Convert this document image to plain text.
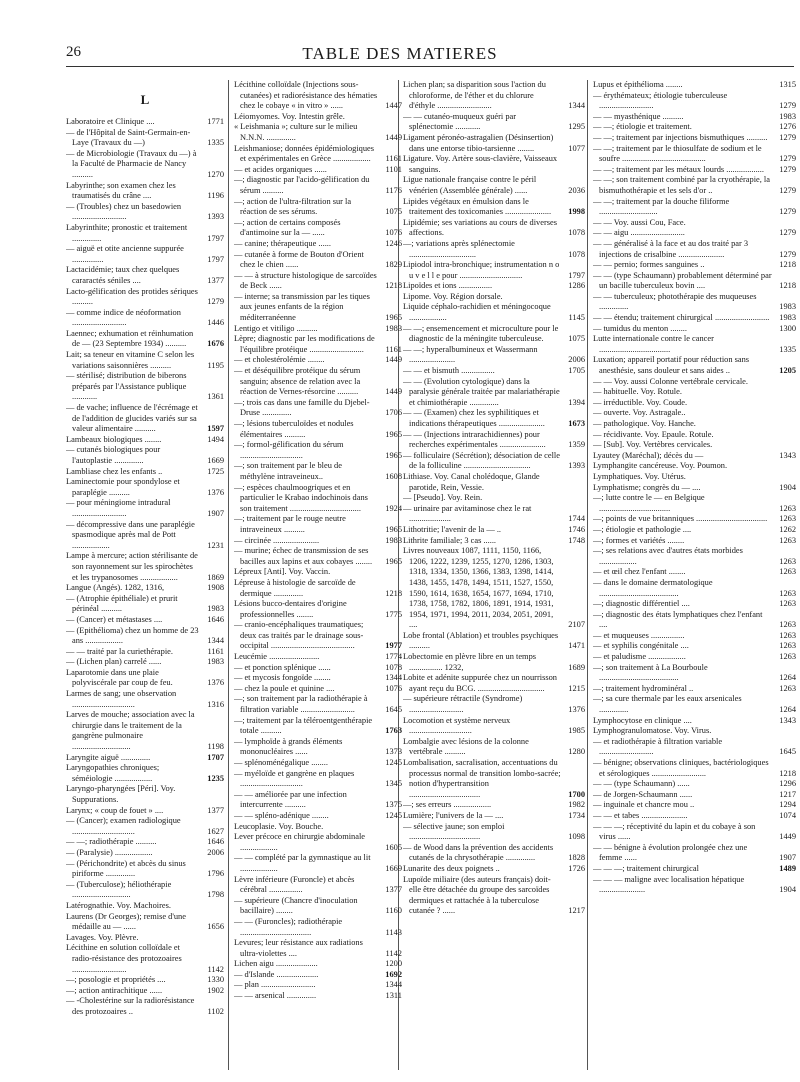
26	TABLE DES MATIERES
L
Laboratoire et Clinique ....	1771
— de l'Hôpital de Saint-Germain-en-Laye (Travaux du —)	1335
— de Microbiologie (Travaux du —) à la Faculté de Pharmacie de Nancy ..........	1270
Labyrinthe; son examen chez les traumatisés du crâne ....	1196
— (Troubles) chez un basedowien ..........................	1393
Labyrinthite; pronostic et traitement ..............	1797
— aiguë et otite ancienne suppurée ...............	1797
Lactacidémie; taux chez quelques cararactés séniles ....	1377
Lacto-gélification des protides sériques ..........	1279
— comme indice de néoformation ..........................	1446
Laennec; exhumation et réinhumation de — (23 Septembre 1934) ..........	1676
Lait; sa teneur en vitamine C selon les variations saisonnières ..........	1195
— stérilisé; distribution de biberons préparés par l'Assistance publique ............	1361
— de vache; influence de l'écrémage et de l'addition de glucides variés sur sa valeur alimentaire ..........	1597
Lambeaux biologiques ........	1494
— cutanés biologiques pour l'autoplastie ..............	1669
Lambliase chez les enfants ..	1725
Laminectomie pour spondylose et paraplégie ..........	1376
— pour méningiome intradural ..........................	1907
— décompressive dans une paraplégie spasmodique après mal de Pott ..................	1231
Lampe à mercure; action stérilisante de son rayonnement sur les spirochètes et les trypanosomes ..................	1869
Langue (Angés). 1282, 1316,	1908
— (Atrophie épithéliale) et prurit périnéal ..........	1983
— (Cancer) et métastases ....	1646
— (Epithélioma) chez un homme de 23 ans ..................	1344
— — traité par la curiethérapie.	1161
— (Lichen plan) carrelé ......	1983
Laparotomie dans une plaie polyviscérale par coup de feu.	1376
Larmes de sang; une observation ..............................	1316
Larves de mouche; association avec la chirurgie dans le traitement de la gangrène pulmonaire ............................	1198
Laryngite aiguë ..............	1707
Laryngopathies chroniques; séméiologie ..................	1235
Laryngo-pharyngées [Péri]. Voy. Suppurations.
Larynx; « coup de fouet » ....	1377
— (Cancer); examen radiologique ..............................	1627
— —; radiothérapie ..........	1646
— (Paralysie) ..................	2006
— (Périchondrite) et abcès du sinus piriforme ..............	1796
— (Tuberculose); héliothérapie ............................	1798
Latérognathie. Voy. Machoires.
Laurens (Dr Georges); remise d'une médaille au — ......	1656
Lavages. Voy. Plèvre.
Lécithine en solution colloïdale et radio-résistance des protozoaires ..........................	1142
—; posologie et propriétés ....	1330
—; action antirachitique ......	1902
— -Cholestérine sur la radiorésistance des protozoaires ..	1102
Lécithine colloïdale (Injections sous-cutanées) et radiorésistance des hématies chez le cobaye « in vitro » ......	1447
Léiomyomes. Voy. Intestin grêle.
« Leishmania »; culture sur le milieu N.N.N. ..............	1449
Leishmaniose; données épidémiologiques et expérimentales en Grèce .................. 1161
— et acides organiques ......	1101
—; diagnostic par l'acido-gélification du sérum ..........	1176
—; action de l'ultra-filtration sur la réaction de ses sérums.	1075
—; action de certains composés d'antimoine sur la — ......	1076
— canine; thérapeutique ......	1246
— cutanée à forme de Bouton d'Orient chez le chien ......	1829
— — à structure histologique de sarcoïdes de Beck ......	1218
— interne; sa transmission par les tiques aux jeunes enfants de la région méditerranéenne	1965
Lentigo et vitiligo ..........	1983
Lèpre; diagnostic par les modifications de l'équilibre protéique ..........................	1161
— et cholestérolémie ........	1449
— et déséquilibre protéique du sérum sanguin; absence de relation avec la réaction de Vernes-résorcine ..........	1449
—; trois cas dans une famille du Djebel-Druse ..............	1706
—; lésions tuberculoïdes et nodules élémentaires ..........	1965
—; formol-gélification du sérum ..............................	1965
—; son traitement par le bleu de méthylène intraveineux..	1608
—; espèces chaulmoogriques et en particulier le Krabao indochinois dans son traitement ..................................	1924
—; traitement par le rouge neutre intraveineux ..........	1965
— circinée ......................	1983
— murine; échec de transmission de ses bacilles aux lapins et aux cobayes ........ 1965
Lépreux [Anti]. Voy. Vaccin.
Lépreuse à histologie de sarcoïde de dermique ..............	1218
Lésions bucco-dentaires d'origine professionnelles ........	1775
— cranio-encéphaliques traumatiques; deux cas traités par le drainage sous-occipital ........................................	1977
Leucémie ........................	1774
— et ponction splénique ......	1078
— et mycosis fongoïde ........	1344
— chez la poule et quinine ....	1076
—; son traitement par la radiothérapie à filtration variable ..........................	1645
—; traitement par la téléroentgenthérapie totale ..........	1763
— lymphoïde à grands éléments mononucléaires ......	1373
— splénoménégalique ........	1245
— myéloïde et gangrène en plaques ..............................	1345
— — améliorée par une infection intercurrente ..........	1375
— — spléno-adénique ........	1245
Leucoplasie. Voy. Bouche.
Lever précoce en chirurgie abdominale ..................	1605
— — complété par la gymnastique au lit ..................	1669
Lèvre inférieure (Furoncle) et abcès cérébral ................	1377
— supérieure (Chancre d'inoculation bacillaire) ........	1160
— — (Furoncles); radiothérapie ..................................	1143
Levures; leur résistance aux radiations ultra-violettes ....	1142
Lichen aigu ....................	1200
— d'Islande ....................	1692
— plan ..........................	1344
— — arsenical ..............	1311
Lichen plan; sa disparition sous l'action du chloroforme, de l'éther et du chlorure d'éthyle ..........................	1344
— — cutanéo-muqueux guéri par splénectomie ............	1295
Ligament péronéo-astragalien (Désinsertion) dans une entorse tibio-tarsienne ........	1077
Ligature. Voy. Artère sous-clavière, Vaisseaux sanguins.
Ligue nationale française contre le péril vénérien (Assemblée générale) ......	2036
Lipides végétaux en émulsion dans le traitement des toxicomanies ...................... 1998
Lipidémie; ses variations au cours de diverses affections.	1078
—; variations après splénectomie ................................	1078
Lipiodol intra-bronchique; instrumentation n o u v e l l e pour ..............................	1797
Lipoïdes et ions ................	1286
Lipome. Voy. Région dorsale.
Liquide céphalo-rachidien et méningocoque ..................	1145
— —; ensemencement et microculture pour le diagnostic de la méningite tuberculeuse.	1075
— —; hyperalbumineux et Wassermann ......................	2006
— — et bismuth ................	1705
— — (Evolution cytologique) dans la paralysie générale traitée par malariathérapie et chimiothérapie ..............	1394
— — (Examen) chez les syphilitiques et indications thérapeutiques ......................	1673
— — (Injections intrarachidiennes) pour recherches expérimentales ......................	1359
— folliculaire (Sécrétion); désociation de celle de la folliculine ................................	1393
Lithiase. Voy. Canal cholédoque, Glande parotide, Rein, Vessie.
— [Pseudo]. Voy. Rein.
— urinaire par avitaminose chez le rat ....................	1744
Lithotritie; l'avenir de la — ..	1746
Lithrite familiale; 3 cas ......	1748
Livres nouveaux 1087, 1111, 1150, 1166, 1206, 1222, 1239, 1255, 1270, 1286, 1303, 1318, 1334, 1350, 1366, 1383, 1398, 1414, 1438, 1455, 1478, 1494, 1511, 1527, 1550, 1590, 1614, 1638, 1654, 1677, 1694, 1710, 1738, 1758, 1782, 1806, 1891, 1914, 1931, 1954, 1971, 1994, 2011, 2034, 2051, 2091, ....	2107
Lobe frontal (Ablation) et troubles psychiques ..........	1471
Lobectomie en plèvre libre en un temps ................ 1232,	1689
Lobite et adénite suppurée chez un nourrisson ayant reçu du BCG. ................................	1215
— supérieure rétractile (Syndrome) ..........................	1376
Locomotion et système nerveux ..............................	1985
Lombalgie avec lésions de la colonne vertébrale ..........	1280
Lombalisation, sacralisation, accentuations du processus normal de transition lombo-sacrée; notion d'hypertransition ..................................	1700
—; ses erreurs ..................	1982
Lumière; l'univers de la — ....	1734
— sélective jaune; son emploi ..................................	1098
— de Wood dans la prévention des accidents cutanés de la chrysothérapie ..............	1828
Lunarite des deux poignets ..	1726
Lupoïde miliaire (des auteurs français) doit-elle être détachée du groupe des sarcoïdes dermiques et rattachée à la tuberculose cutanée ? ......	1217
Lupus et épithélioma ........	1315
— érythémateux; étiologie tuberculeuse ..........................	1279
— — myasthénique ..........	1983
— —; étiologie et traitement.	1276
— —; traitement par injections bismuthiques .......... 1279
— —; traitement par le thiosulfate de sodium et le soufre ........................................	1279
— —; traitement par les métaux lourds .................. 1279
— —; son traitement combiné par la cryothérapie, la bismuthothérapie et les sels d'or ..	1279
— —; traitement par la douche filiforme ............................	1279
— — Voy. aussi Cou, Face.
— — aigu ..........................	1279
— — généralisé à la face et au dos traité par 3 injections de crisalbine ......................	1279
— — pernio; formes sanguines ..	1218
— — (type Schaumann) probablement déterminé par un bacille tuberculeux bovin ....	1218
— — tuberculeux; photothérapie des muqueuses ..............	1983
— — étendu; traitement chirurgical .......................... 1983
— tumidus du menton ........	1300
Lutte internationale contre le cancer ..................................	1335
Luxation; appareil portatif pour réduction sans anesthésie, sans douleur et sans aides ..	1205
— — Voy. aussi Colonne vertébrale cervicale.
— habituelle. Voy. Rotule.
— irréductible. Voy. Coude.
— ouverte. Voy. Astragale..
— pathologique. Voy. Hanche.
— récidivante. Voy. Epaule. Rotule.
— [Sub]. Voy. Vertèbres cervicales.
Lyautey (Maréchal); décès du —	1343
Lymphangite cancéreuse. Voy. Poumon.
Lymphatiques. Voy. Utérus.
Lymphatisme; congrès du — ....	1904
—; lutte contre le — en Belgique ..................................	1263
—; points de vue britanniques .................................. 1263
—; étiologie et pathologie ....	1262
—; formes et variétés ........	1263
—; ses relations avec d'autres états morbides ..................	1263
— et œil chez l'enfant ........	1263
— dans le domaine dermatologique ......................................	1263
—; diagnostic différentiel ....	1263
—; diagnostic des états lymphatiques chez l'enfant ....	1263
— et muqueuses ................	1263
— et syphilis congénitale ....	1263
— et paludisme ..................	1263
—; son traitement à La Bourboule ......................................	1264
—; traitement hydrominéral ..	1263
—; sa cure thermale par les eaux arsenicales ..............	1264
Lymphocytose en clinique ....	1343
Lymphogranulomatose. Voy. Virus.
— et radiothérapie à filtration variable ..........................	1645
— bénigne; observations cliniques, bactériologiques et sérologiques ..........................	1218
— — (type Schaumann) ......	1296
— de Jorgen-Schaumann ......	1217
— inguinale et chancre mou ..	1294
— — et tabes ......................	1074
— — —; réceptivité du lapin et du cobaye à son virus ......	1449
— — bénigne à évolution prolongée chez une femme ......	1907
— — —; traitement chirurgical	1489
— — — maligne avec localisation hépatique ......................	1904
